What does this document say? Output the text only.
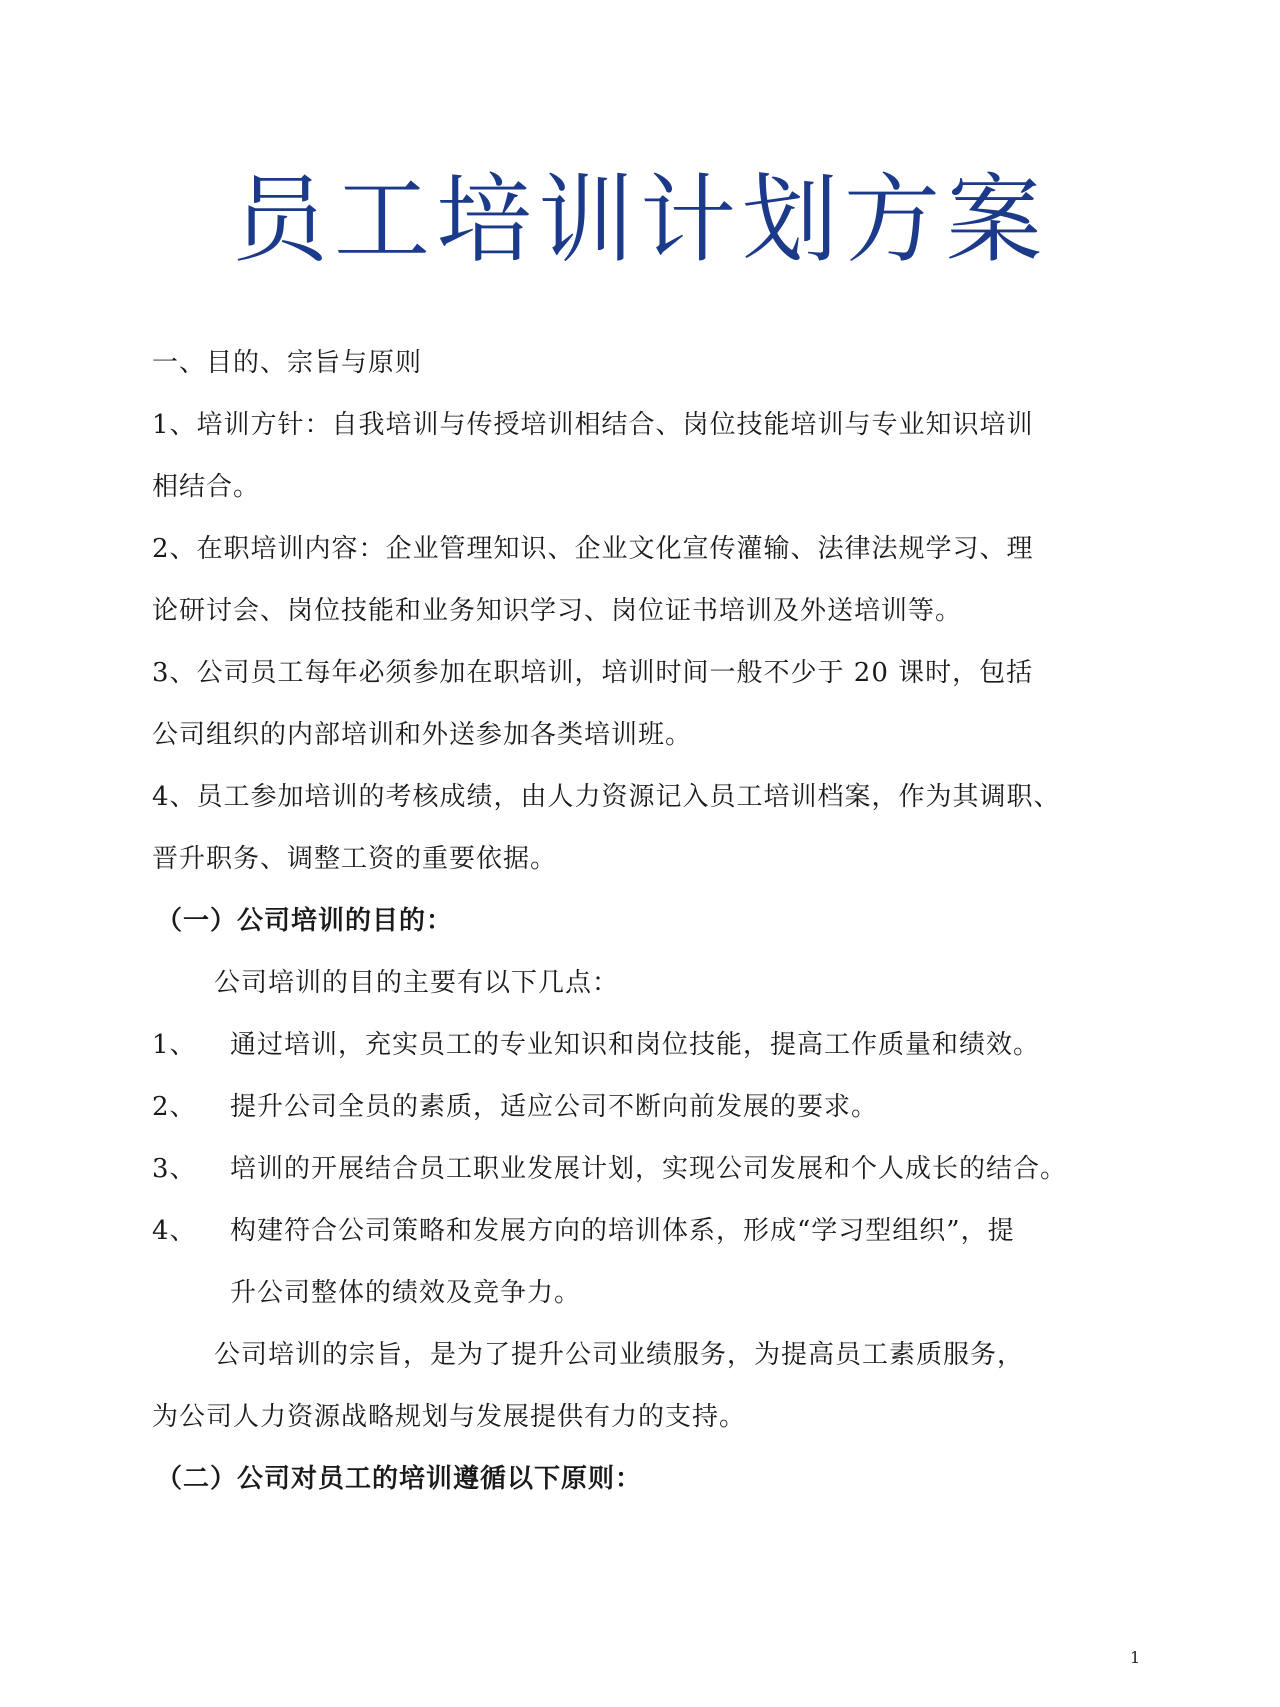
员工培训计划方案
一、目的、宗旨与原则
1、培训方针：自我培训与传授培训相结合、岗位技能培训与专业知识培训
相结合。
2、在职培训内容：企业管理知识、企业文化宣传灌输、法律法规学习、理
论研讨会、岗位技能和业务知识学习、岗位证书培训及外送培训等。
3、公司员工每年必须参加在职培训，培训时间一般不少于 20 课时，包括
公司组织的内部培训和外送参加各类培训班。
4、员工参加培训的考核成绩，由人力资源记入员工培训档案，作为其调职、
晋升职务、调整工资的重要依据。
（一）公司培训的目的：
公司培训的目的主要有以下几点：
1、 通过培训，充实员工的专业知识和岗位技能，提高工作质量和绩效。
2、 提升公司全员的素质，适应公司不断向前发展的要求。
3、 培训的开展结合员工职业发展计划，实现公司发展和个人成长的结合。
4、 构建符合公司策略和发展方向的培训体系，形成“学习型组织”，提
升公司整体的绩效及竞争力。
公司培训的宗旨，是为了提升公司业绩服务，为提高员工素质服务，
为公司人力资源战略规划与发展提供有力的支持。
（二）公司对员工的培训遵循以下原则：
1
